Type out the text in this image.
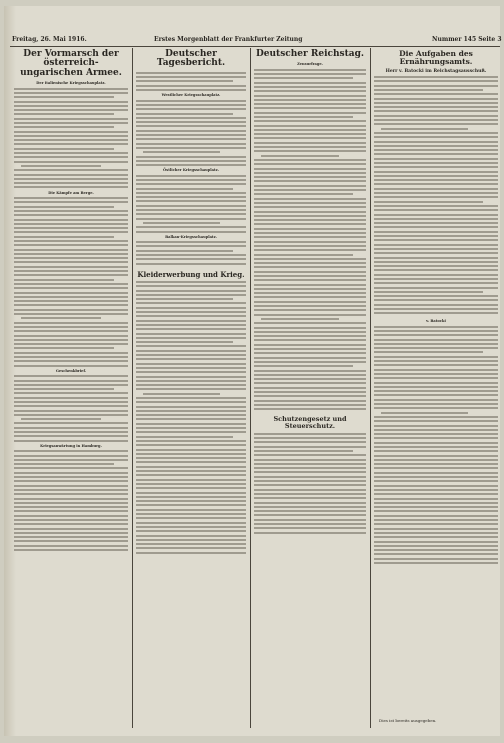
Freitag, 26. Mai 1916.	Erstes Morgenblatt der Frankfurter Zeitung	Nummer 145 Seite 3
Der Vormarsch der österreich-ungarischen Armee.
Der italienische Kriegsschauplatz.
Die Kämpfe am Berge.
Geschenkbrief.
Kriegsanwärtung in Hamburg.
Deutscher Tagesbericht.
Westlicher Kriegsschauplatz.
Östlicher Kriegsschauplatz.
Balkan-Kriegsschauplatz.
Kleiderwerbung und Krieg.
Deutscher Reichstag.
Zensurfrage.
Schutzengesetz und Steuerschutz.
Die Aufgaben des Ernährungsamts.
Herr v. Batocki im Reichstagsausschuß.
v. Batocki
Dies ist bereits ausgegeben.
